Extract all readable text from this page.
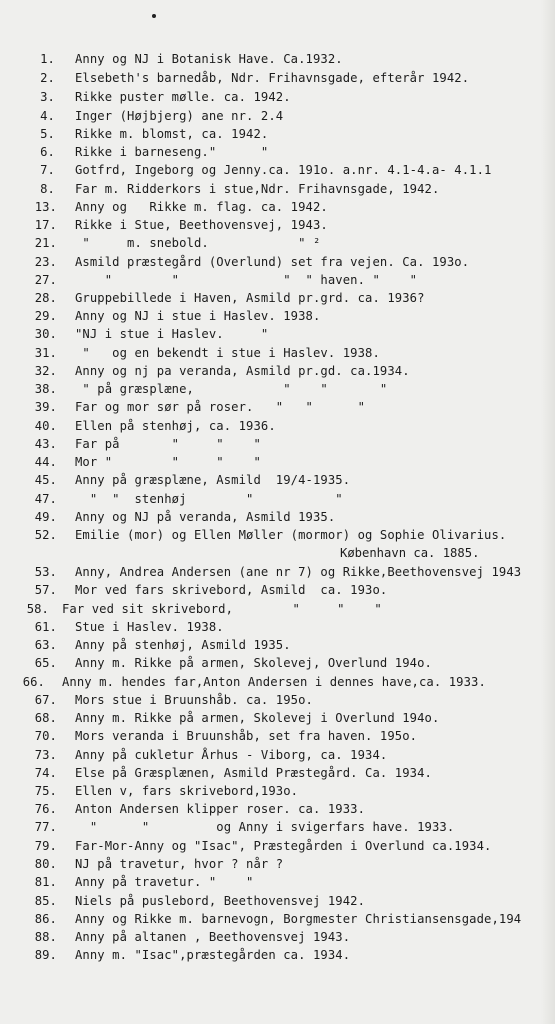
1. Anny og NJ i Botanisk Have. Ca.1932.
2. Elsebeth's barnedåb, Ndr. Frihavnsgade, efterår 1942.
3. Rikke puster mølle. ca. 1942.
4. Inger (Højbjerg) ane nr. 2.4
5. Rikke m. blomst, ca. 1942.
6. Rikke i barneseng."      "
7. Gotfrd, Ingeborg og Jenny.ca. 191o. a.nr. 4.1-4.a- 4.1.1
8. Far m. Ridderkors i stue,Ndr. Frihavnsgade, 1942.
13. Anny og   Rikke m. flag. ca. 1942.
17. Rikke i Stue, Beethovensvej, 1943.
21. "     m. snebold.            " ²
23. Asmild præstegård (Overlund) set fra vejen. Ca. 193o.
27. "        "              "  " haven. "    "
28. Gruppebillede i Haven, Asmild pr.grd. ca. 1936?
29. Anny og NJ i stue i Haslev. 1938.
30. "NJ i stue i Haslev.     "
31. "   og en bekendt i stue i Haslev. 1938.
32. Anny og nj pa veranda, Asmild pr.gd. ca.1934.
38. " på græsplæne,            "    "       "
39. Far og mor sør på roser.   "   "      "
40. Ellen på stenhøj, ca. 1936.
43. Far på       "     "    "
44. Mor "        "     "    "
45. Anny på græsplæne, Asmild  19/4-1935.
47. "  "  stenhøj        "           "
49. Anny og NJ på veranda, Asmild 1935.
52. Emilie (mor) og Ellen Møller (mormor) og Sophie Olivarius.
53. Anny, Andrea Andersen (ane nr 7) og Rikke,Beethovensvej 1943
57. Mor ved fars skrivebord, Asmild  ca. 193o.
58. Far ved sit skrivebord,        "     "    "
61. Stue i Haslev. 1938.
63. Anny på stenhøj, Asmild 1935.
65. Anny m. Rikke på armen, Skolevej, Overlund 194o.
66. Anny m. hendes far,Anton Andersen i dennes have,ca. 1933.
67. Mors stue i Bruunshåb. ca. 195o.
68. Anny m. Rikke på armen, Skolevej i Overlund 194o.
70. Mors veranda i Bruunshåb, set fra haven. 195o.
73. Anny på cukletur Århus - Viborg, ca. 1934.
74. Else på Græsplænen, Asmild Præstegård. Ca. 1934.
75. Ellen v, fars skrivebord,193o.
76. Anton Andersen klipper roser. ca. 1933.
77. "      "         og Anny i svigerfars have. 1933.
79. Far-Mor-Anny og "Isac", Præstegården i Overlund ca.1934.
80. NJ på travetur, hvor ? når ?
81. Anny på travetur. "    "
85. Niels på puslebord, Beethovensvej 1942.
86. Anny og Rikke m. barnevogn, Borgmester Christiansensgade,194
88. Anny på altanen , Beethovensvej 1943.
89. Anny m. "Isac",præstegården ca. 1934.
København ca. 1885.
